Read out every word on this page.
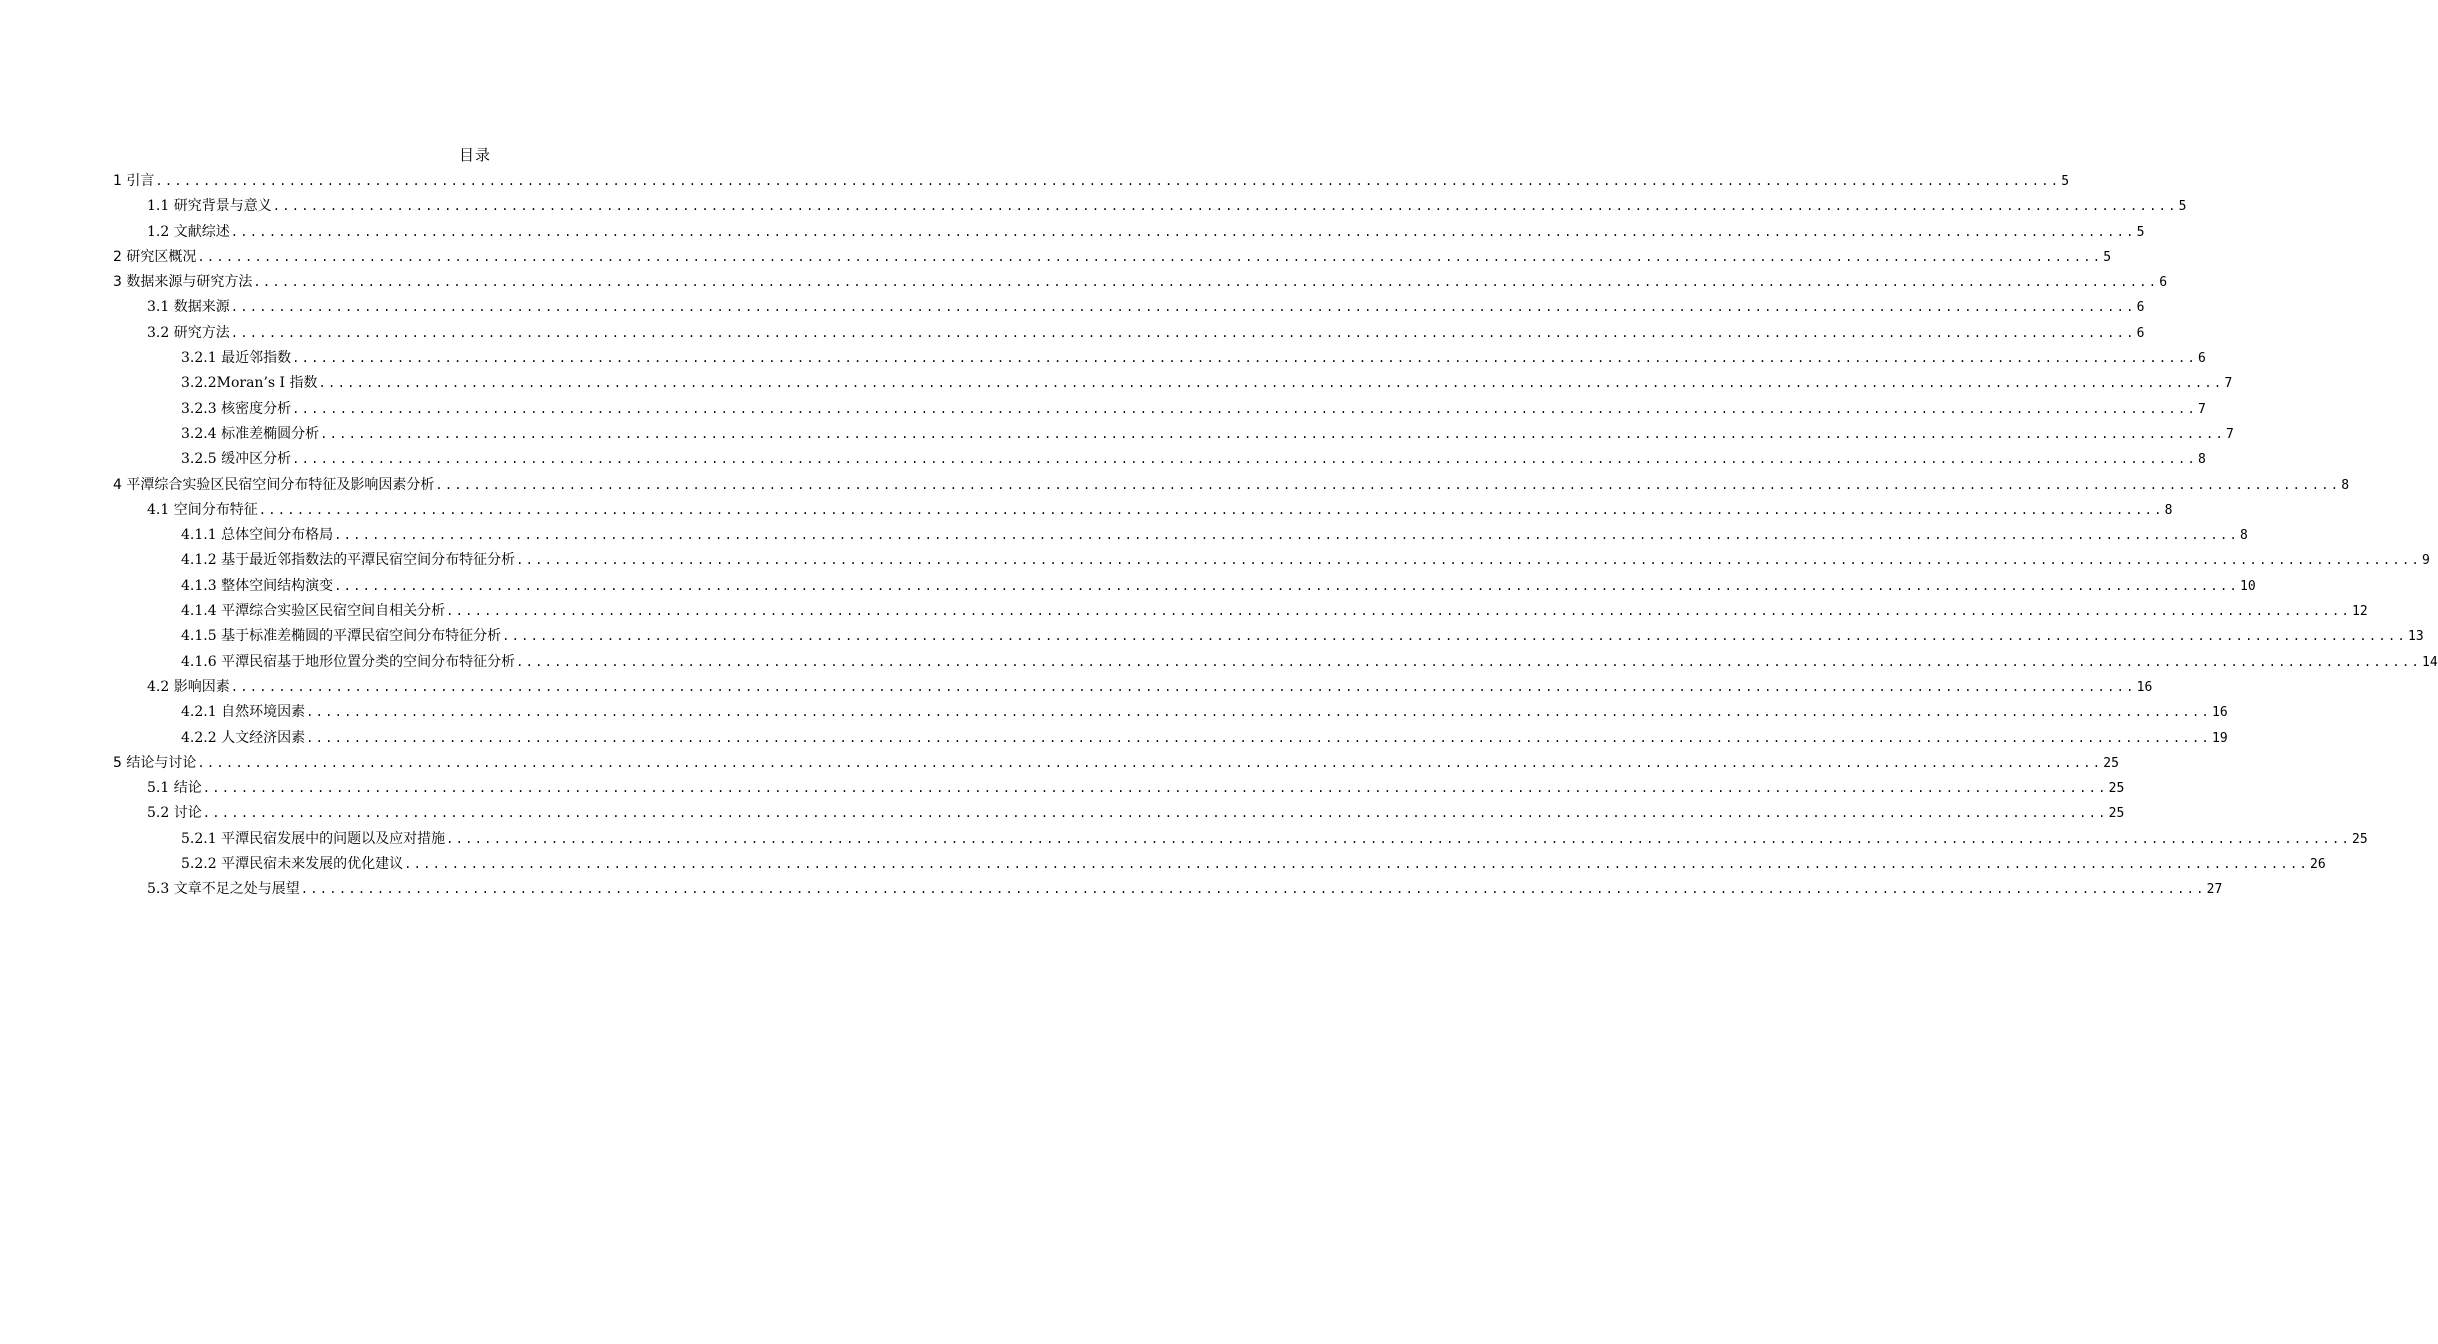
目录
1 引言 ........................................................................................................................................................................................................ 5
1.1 研究背景与意义 ........................................................................................................................................................................................................ 5
1.2 文献综述 ........................................................................................................................................................................................................ 5
2 研究区概况 ........................................................................................................................................................................................................ 5
3 数据来源与研究方法 ........................................................................................................................................................................................................ 6
3.1 数据来源 ........................................................................................................................................................................................................ 6
3.2 研究方法 ........................................................................................................................................................................................................ 6
3.2.1 最近邻指数 ........................................................................................................................................................................................................ 6
3.2.2Moran’s I 指数 ........................................................................................................................................................................................................ 7
3.2.3 核密度分析 ........................................................................................................................................................................................................ 7
3.2.4 标准差椭圆分析 ........................................................................................................................................................................................................ 7
3.2.5 缓冲区分析 ........................................................................................................................................................................................................ 8
4 平潭综合实验区民宿空间分布特征及影响因素分析 ........................................................................................................................................................................................................ 8
4.1 空间分布特征 ........................................................................................................................................................................................................ 8
4.1.1 总体空间分布格局 ........................................................................................................................................................................................................ 8
4.1.2 基于最近邻指数法的平潭民宿空间分布特征分析 ........................................................................................................................................................................................................ 9
4.1.3 整体空间结构演变 ........................................................................................................................................................................................................ 10
4.1.4 平潭综合实验区民宿空间自相关分析 ........................................................................................................................................................................................................ 12
4.1.5 基于标准差椭圆的平潭民宿空间分布特征分析 ........................................................................................................................................................................................................ 13
4.1.6 平潭民宿基于地形位置分类的空间分布特征分析 ........................................................................................................................................................................................................ 14
4.2 影响因素 ........................................................................................................................................................................................................ 16
4.2.1 自然环境因素 ........................................................................................................................................................................................................ 16
4.2.2 人文经济因素 ........................................................................................................................................................................................................ 19
5 结论与讨论 ........................................................................................................................................................................................................ 25
5.1 结论 ........................................................................................................................................................................................................ 25
5.2 讨论 ........................................................................................................................................................................................................ 25
5.2.1 平潭民宿发展中的问题以及应对措施 ........................................................................................................................................................................................................ 25
5.2.2 平潭民宿未来发展的优化建议 ........................................................................................................................................................................................................ 26
5.3 文章不足之处与展望 ........................................................................................................................................................................................................ 27
